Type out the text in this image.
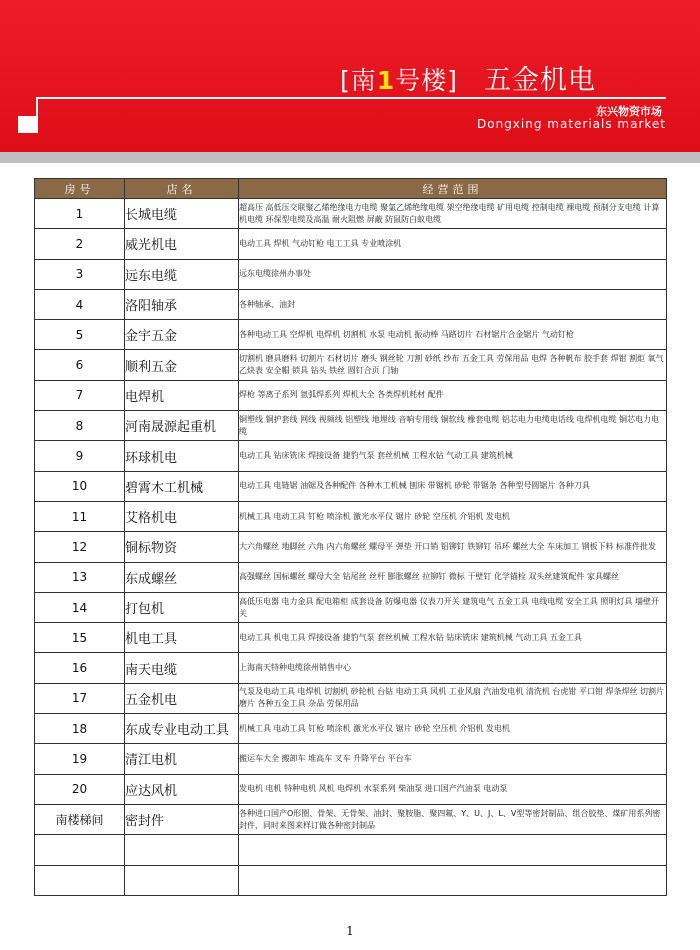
[南1号楼] 五金机电
东兴物资市场
Dongxing materials market
房号	店名	经营范围
1	长城电缆	超高压 高低压交联聚乙烯绝缘电力电缆 聚氯乙烯绝缘电缆 架空绝缘电缆 矿用电缆 控制电缆 裸电缆 预制分支电缆 计算机电缆 环保型电缆及高温 耐火阻燃 屏蔽 防鼠防白蚁电缆
2	威光机电	电动工具 焊机 气动钉枪 电工工具 专业喷涂机
3	远东电缆	远东电缆徐州办事处
4	洛阳轴承	各种轴承、油封
5	金宇五金	各种电动工具 空焊机 电焊机 切割机 水泵 电动机 振动棒 马路切片 石材锯片合金锯片 气动钉枪
6	顺利五金	切割机 磨具磨料 切割片 石材切片 磨头 钢丝轮 刀割 砂纸 纱布 五金工具 劳保用品 电焊 各种帆布 胶手套 焊钳 割炬 氧气 乙炔表 安全帽 锁具 钻头 铁丝 圆钉合页 门轴
7	电焊机	焊枪 等离子系列 氩弧焊系列 焊机大全 各类焊机耗材 配件
8	河南晟源起重机	铜塑线 铜护套线 网线 视频线 铝塑线 地埋线 音响专用线 铜软线 橡套电缆 铝芯电力电缆电话线 电焊机电缆 铜芯电力电缆
9	环球机电	电动工具 钻床铣床 焊接设备 捷豹气泵 套丝机械 工程水钻 气动工具 建筑机械
10	碧霄木工机械	电动工具 电链锯 油锯及各种配件 各种木工机械 刨床 带锯机 砂轮 带锯条 各种型号圆锯片 各种刀具
11	艾格机电	机械工具 电动工具 钉枪 喷涂机 激光水平仪 锯片 砂轮 空压机 介铝机 发电机
12	铜标物资	大六角螺丝 地脚丝 六角 内六角螺丝 螺母平 弹垫 开口销 铝铆钉 铁铆钉 吊环 螺丝大全 车床加工 钢板下料 标准件批发
13	东成螺丝	高强螺丝 国标螺丝 螺母大全 钻尾丝 丝杆 膨胀螺丝 拉铆钉 微标 干壁钉 化学锚栓 双头丝建筑配件 家具螺丝
14	打包机	高低压电器 电力金具 配电箱柜 成套设备 防爆电器 仪表刀开关 建筑电气 五金工具 电线电缆 安全工具 照明灯具 墙壁开关
15	机电工具	电动工具 机电工具 焊接设备 捷豹气泵 套丝机械 工程水钻 钻床铣床 建筑机械 气动工具 五金工具
16	南天电缆	上海南天特种电缆徐州销售中心
17	五金机电	气泵及电动工具 电焊机 切割机 砂轮机 台钻 电动工具 风机 工业风扇 汽油发电机 清洗机 台虎钳 平口钳 焊条焊丝 切割片 磨片 各种五金工具 杂品 劳保用品
18	东成专业电动工具	机械工具 电动工具 钉枪 喷涂机 激光水平仪 锯片 砂轮 空压机 介铝机 发电机
19	清江电机	搬运车大全 搬卸车 堆高车 叉车 升降平台 平台车
20	应达风机	发电机 电机 特种电机 风机 电焊机 水泵系列 柴油泵 进口国产汽油泵 电动泵
南楼梯间	密封件	各种进口国产O形圈、骨架、无骨架、油封、聚胺脂、聚四氟、Y、U、J、L、V型等密封制品、组合胶垫、煤矿用系列密封件，同时来图来样订做各种密封制品

1
